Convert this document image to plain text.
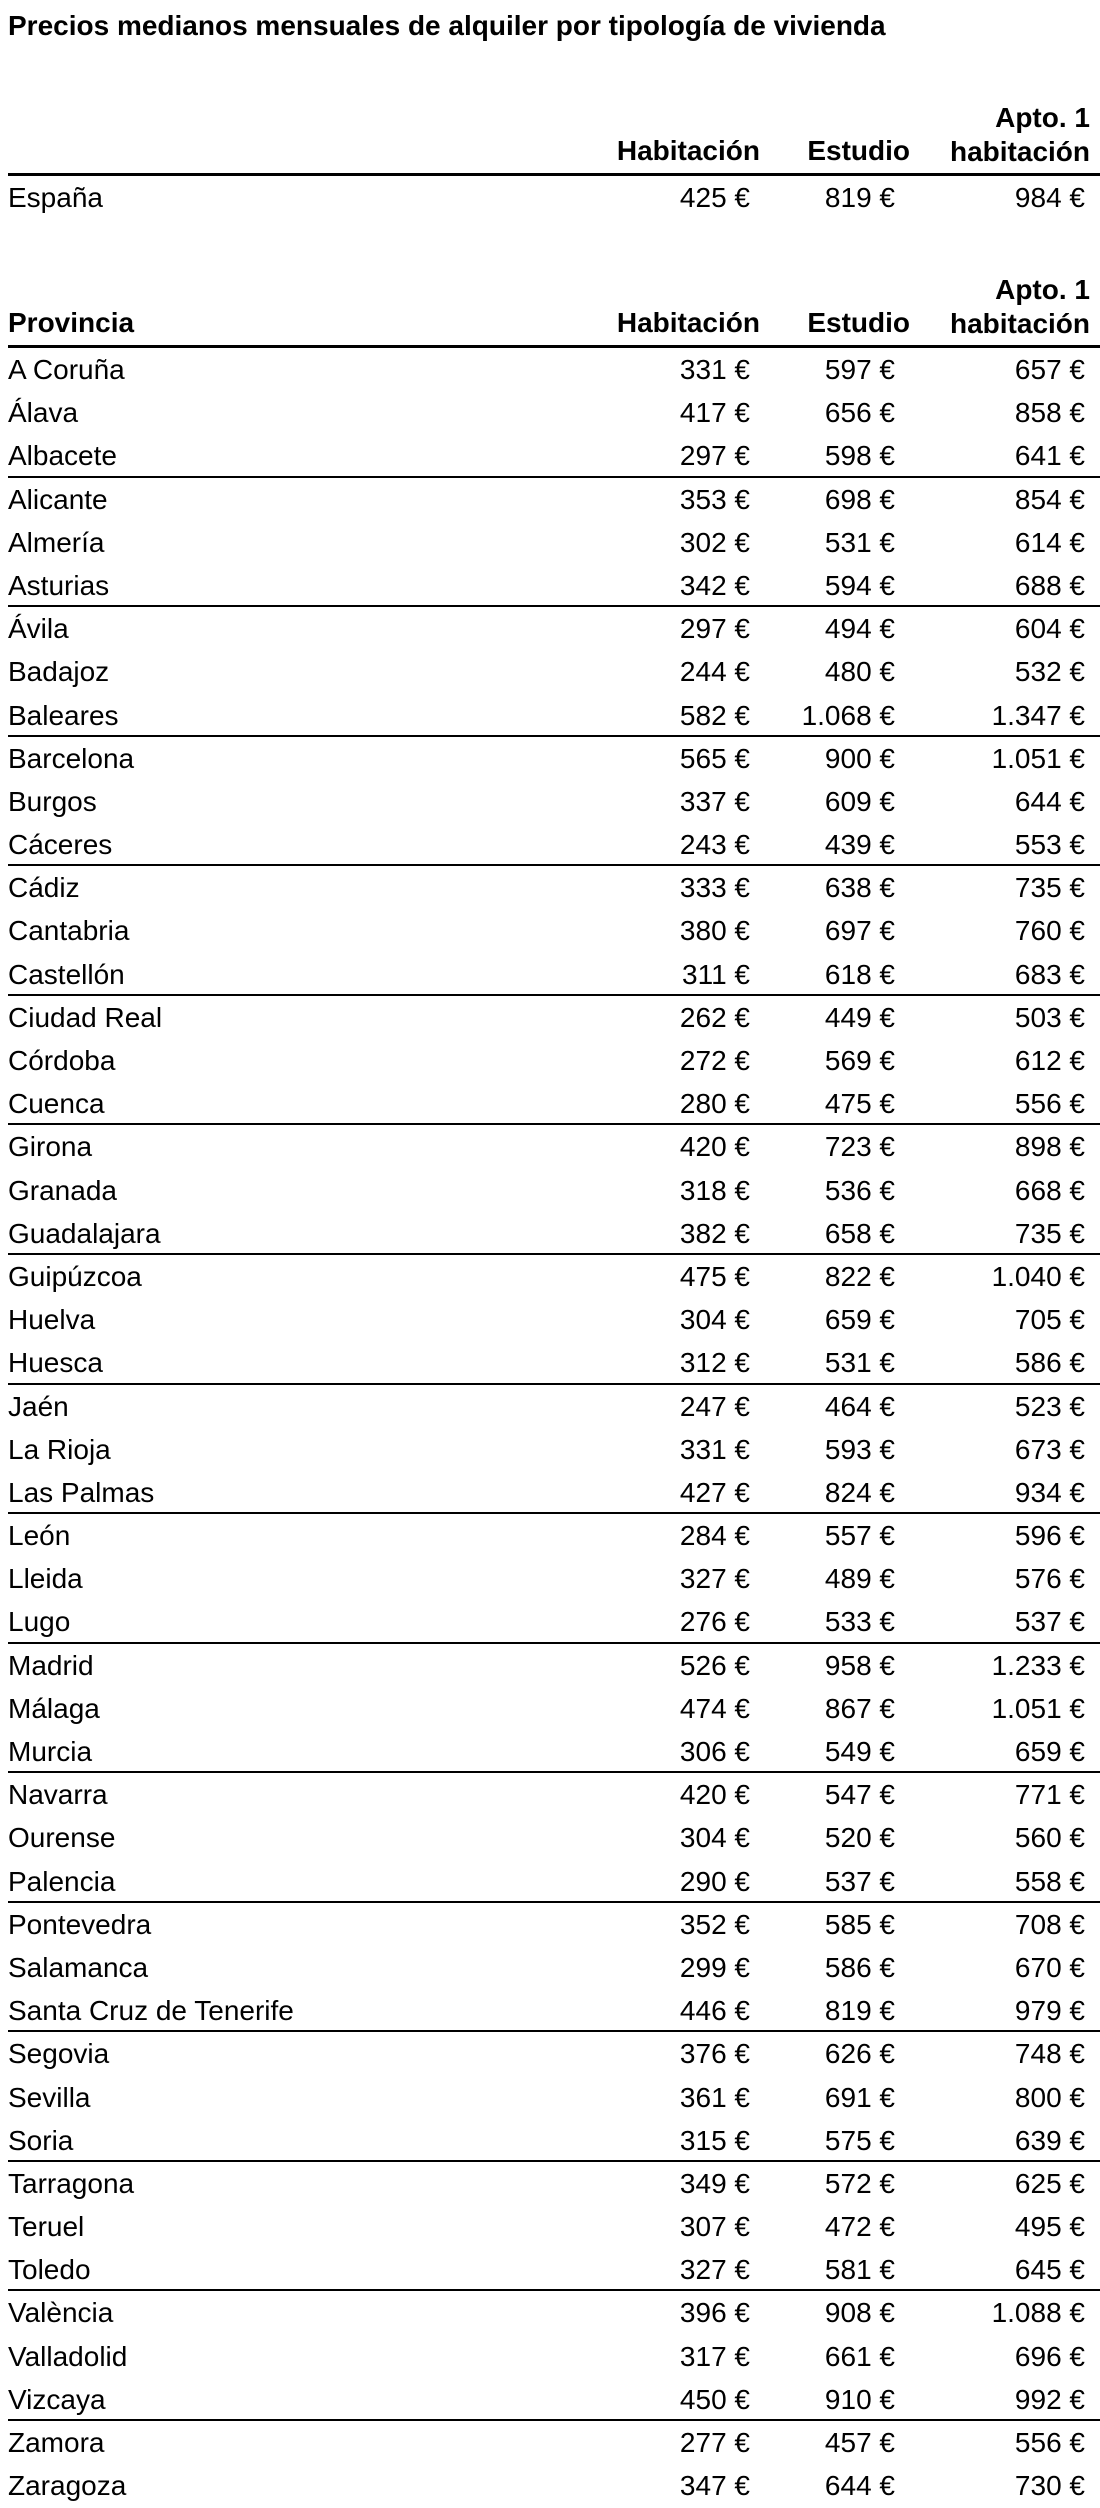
Precios medianos mensuales de alquiler por tipología de vivienda
Habitación Estudio
Apto. 1
habitación
España	425 €	819 €	984 €
Provincia	Habitación Estudio
Apto. 1
habitación
A Coruña	331 €	597 €	657 €
Álava	417 €	656 €	858 €
Albacete	297 €	598 €	641 €
Alicante	353 €	698 €	854 €
Almería	302 €	531 €	614 €
Asturias	342 €	594 €	688 €
Ávila	297 €	494 €	604 €
Badajoz	244 €	480 €	532 €
Baleares	582 € 1.068 €	1.347 €
Barcelona	565 €	900 €	1.051 €
Burgos	337 €	609 €	644 €
Cáceres	243 €	439 €	553 €
Cádiz	333 €	638 €	735 €
Cantabria	380 €	697 €	760 €
Castellón	311 €	618 €	683 €
Ciudad Real	262 €	449 €	503 €
Córdoba	272 €	569 €	612 €
Cuenca	280 €	475 €	556 €
Girona	420 €	723 €	898 €
Granada	318 €	536 €	668 €
Guadalajara	382 €	658 €	735 €
Guipúzcoa	475 €	822 €	1.040 €
Huelva	304 €	659 €	705 €
Huesca	312 €	531 €	586 €
Jaén	247 €	464 €	523 €
La Rioja	331 €	593 €	673 €
Las Palmas	427 €	824 €	934 €
León	284 €	557 €	596 €
Lleida	327 €	489 €	576 €
Lugo	276 €	533 €	537 €
Madrid	526 €	958 €	1.233 €
Málaga	474 €	867 €	1.051 €
Murcia	306 €	549 €	659 €
Navarra	420 €	547 €	771 €
Ourense	304 €	520 €	560 €
Palencia	290 €	537 €	558 €
Pontevedra	352 €	585 €	708 €
Salamanca	299 €	586 €	670 €
Santa Cruz de Tenerife	446 €	819 €	979 €
Segovia	376 €	626 €	748 €
Sevilla	361 €	691 €	800 €
Soria	315 €	575 €	639 €
Tarragona	349 €	572 €	625 €
Teruel	307 €	472 €	495 €
Toledo	327 €	581 €	645 €
València	396 €	908 €	1.088 €
Valladolid	317 €	661 €	696 €
Vizcaya	450 €	910 €	992 €
Zamora	277 €	457 €	556 €
Zaragoza	347 €	644 €	730 €
